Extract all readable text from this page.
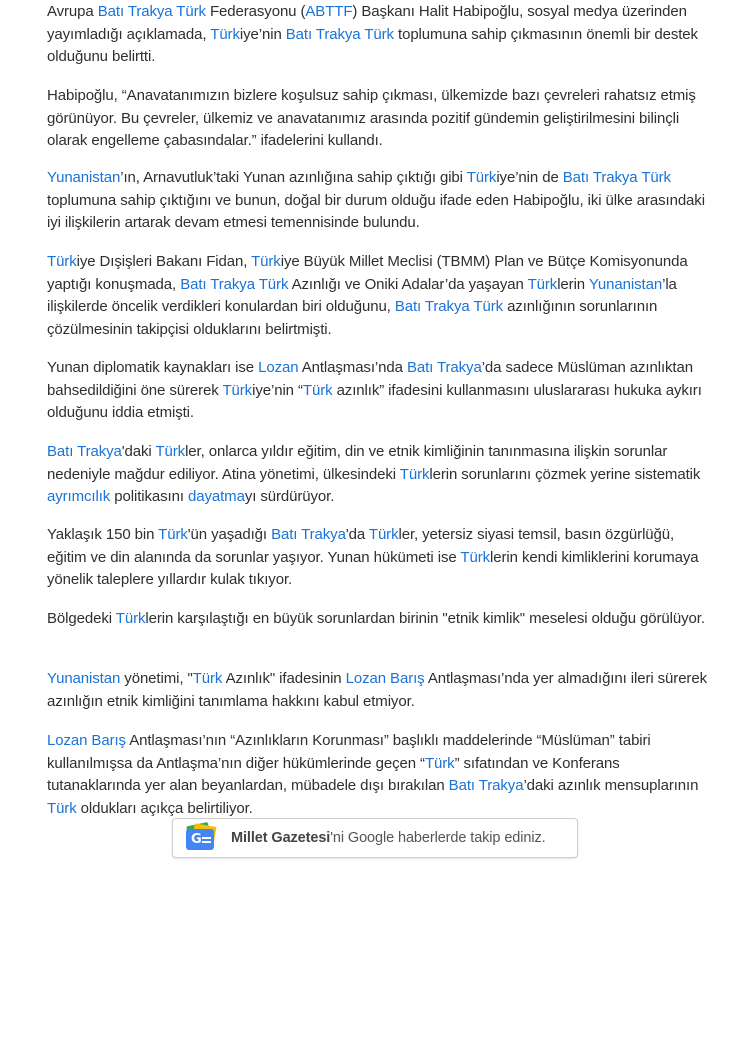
Avrupa Batı Trakya Türk Federasyonu (ABTTF) Başkanı Halit Habipoğlu, sosyal medya üzerinden yayımladığı açıklamada, Türkiye’nin Batı Trakya Türk toplumuna sahip çıkmasının önemli bir destek olduğunu belirtti.

Habipoğlu, “Anavatanımızın bizlere koşulsuz sahip çıkması, ülkemizde bazı çevreleri rahatsız etmiş görünüyor. Bu çevreler, ülkemiz ve anavatanımız arasında pozitif gündemin geliştirilmesini bilinçli olarak engelleme çabasındalar.” ifadelerini kullandı.

Yunanistan’ın, Arnavutluk’taki Yunan azınlığına sahip çıktığı gibi Türkiye’nin de Batı Trakya Türk toplumuna sahip çıktığını ve bunun, doğal bir durum olduğu ifade eden Habipoğlu, iki ülke arasındaki iyi ilişkilerin artarak devam etmesi temennisinde bulundu.

Türkiye Dışişleri Bakanı Fidan, Türkiye Büyük Millet Meclisi (TBMM) Plan ve Bütçe Komisyonunda yaptığı konuşmada, Batı Trakya Türk Azınlığı ve Oniki Adalar’da yaşayan Türklerin Yunanistan’la ilişkilerde öncelik verdikleri konulardan biri olduğunu, Batı Trakya Türk azınlığının sorunlarının çözülmesinin takipçisi olduklarını belirtmişti.

Yunan diplomatik kaynakları ise Lozan Antlaşması’nda Batı Trakya’da sadece Müslüman azınlıktan bahsedildiğini öne sürerek Türkiye’nin “Türk azınlık” ifadesini kullanmasını uluslararası hukuka aykırı olduğunu iddia etmişti.

Batı Trakya'daki Türkler, onlarca yıldır eğitim, din ve etnik kimliğinin tanınmasına ilişkin sorunlar nedeniyle mağdur ediliyor. Atina yönetimi, ülkesindeki Türklerin sorunlarını çözmek yerine sistematik ayrımcılık politikasını dayatmayı sürdürüyor.

Yaklaşık 150 bin Türk'ün yaşadığı Batı Trakya'da Türkler, yetersiz siyasi temsil, basın özgürlüğü, eğitim ve din alanında da sorunlar yaşıyor. Yunan hükümeti ise Türklerin kendi kimliklerini korumaya yönelik taleplere yıllardır kulak tıkıyor.

Bölgedeki Türklerin karşılaştığı en büyük sorunlardan birinin "etnik kimlik" meselesi olduğu görülüyor.

Yunanistan yönetimi, "Türk Azınlık" ifadesinin Lozan Barış Antlaşması’nda yer almadığını ileri sürerek azınlığın etnik kimliğini tanımlama hakkını kabul etmiyor.

Lozan Barış Antlaşması’nın “Azınlıkların Korunması” başlıklı maddelerinde “Müslüman” tabiri kullanılmışsa da Antlaşma’nın diğer hükümlerinde geçen “Türk” sıfatından ve Konferans tutanaklarında yer alan beyanlardan, mübadele dışı bırakılan Batı Trakya’daki azınlık mensuplarının Türk oldukları açıkça belirtiliyor.

G Millet Gazetesi'ni Google haberlerde takip ediniz.
